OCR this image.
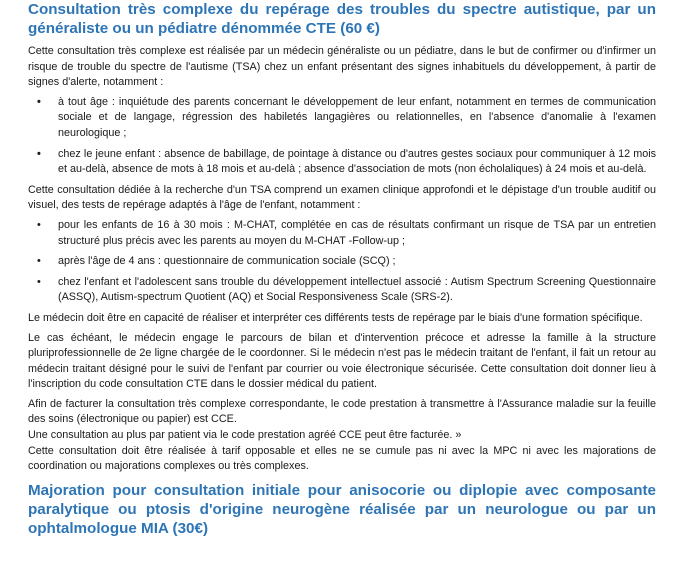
Consultation très complexe du repérage des troubles du spectre autistique, par un généraliste ou un pédiatre dénommée CTE (60 €)

Cette consultation très complexe est réalisée par un médecin généraliste ou un pédiatre, dans le but de confirmer ou d'infirmer un risque de trouble du spectre de l'autisme (TSA) chez un enfant présentant des signes inhabituels du développement, à partir de signes d'alerte, notamment :

• à tout âge : inquiétude des parents concernant le développement de leur enfant, notamment en termes de communication sociale et de langage, régression des habiletés langagières ou relationnelles, en l'absence d'anomalie à l'examen neurologique ;
• chez le jeune enfant : absence de babillage, de pointage à distance ou d'autres gestes sociaux pour communiquer à 12 mois et au-delà, absence de mots à 18 mois et au-delà ; absence d'association de mots (non écholaliques) à 24 mois et au-delà.

Cette consultation dédiée à la recherche d'un TSA comprend un examen clinique approfondi et le dépistage d'un trouble auditif ou visuel, des tests de repérage adaptés à l'âge de l'enfant, notamment :

• pour les enfants de 16 à 30 mois : M-CHAT, complétée en cas de résultats confirmant un risque de TSA par un entretien structuré plus précis avec les parents au moyen du M-CHAT -Follow-up ;
• après l'âge de 4 ans : questionnaire de communication sociale (SCQ) ;
• chez l'enfant et l'adolescent sans trouble du développement intellectuel associé : Autism Spectrum Screening Questionnaire (ASSQ), Autism-spectrum Quotient (AQ) et Social Responsiveness Scale (SRS-2).

Le médecin doit être en capacité de réaliser et interpréter ces différents tests de repérage par le biais d'une formation spécifique.

Le cas échéant, le médecin engage le parcours de bilan et d'intervention précoce et adresse la famille à la structure pluriprofessionnelle de 2e ligne chargée de le coordonner. Si le médecin n'est pas le médecin traitant de l'enfant, il fait un retour au médecin traitant désigné pour le suivi de l'enfant par courrier ou voie électronique sécurisée. Cette consultation doit donner lieu à l'inscription du code consultation CTE dans le dossier médical du patient.

Afin de facturer la consultation très complexe correspondante, le code prestation à transmettre à l'Assurance maladie sur la feuille des soins (électronique ou papier) est CCE.

Une consultation au plus par patient via le code prestation agréé CCE peut être facturée. »

Cette consultation doit être réalisée à tarif opposable et elles ne se cumule pas ni avec la MPC ni avec les majorations de coordination ou majorations complexes ou très complexes.

Majoration pour consultation initiale pour anisocorie ou diplopie avec composante paralytique ou ptosis d'origine neurogène réalisée par un neurologue ou par un ophtalmologue MIA (30€)
